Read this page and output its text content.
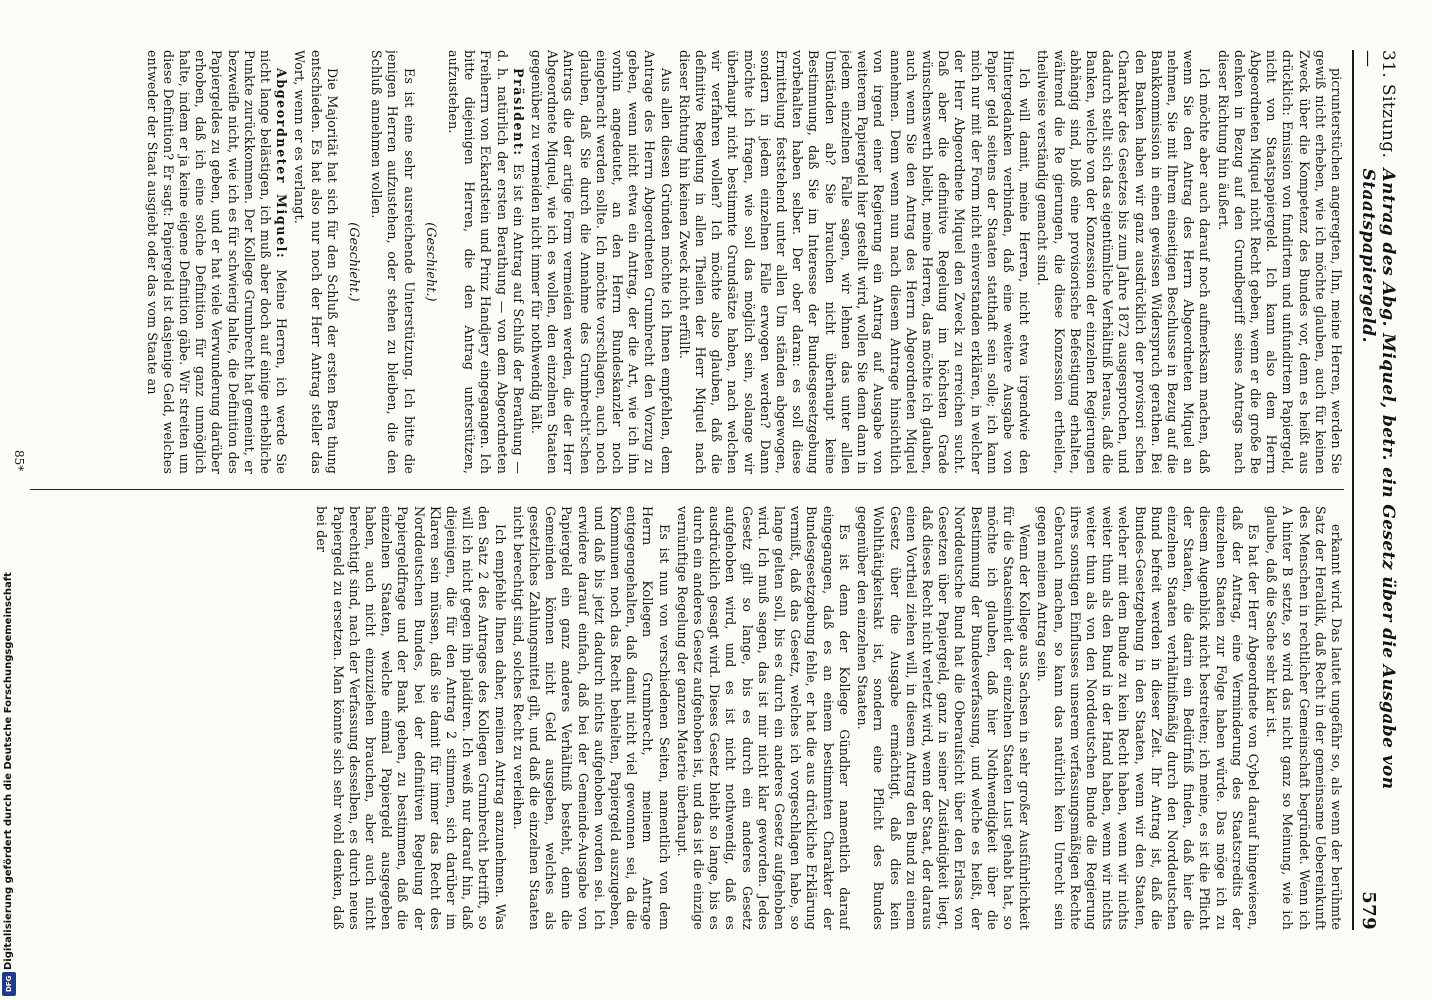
Digitalisierung gefördert durch die Deutsche Forschungsgemeinschaft
DFG
31. Sitzung. —
Antrag des Abg. Miquel, betr. ein Gesetz über die Ausgabe von Staatspapiergeld.
579

picrunterstüchen angeregten, Ihn, meine Herren, werden Sie gewiß nicht erheben, wie ich möchte glauben, auch für keinen Zweck über die Kompetenz des Bundes vor, denn es heißt aus drücklich: Emission von fundirtem und unfundirtem Papiergeld, nicht von Staatspapiergeld. Ich kann also dem Herrn Abgeordneten Miquel nicht Recht geben, wenn er die große Be denken in Bezug auf den Grundbegriff seines Antrags nach dieser Richtung hin äußert.

Ich möchte aber auch darauf noch aufmerksam machen, daß wenn Sie den Antrag des Herrn Abgeordneten Miquel an nehmen, Sie mit Ihrem einseitigen Beschlusse in Bezug auf die Bankkommission in einen gewissen Widerspruch gerathen. Bei den Banken haben wir ganz ausdrücklich der provisori schen Charakter des Gesetzes bis zum Jahre 1872 ausgesprochen, und dadurch stellt sich das eigentümliche Verhältniß heraus, daß die Banken, welche von der Konzession der einzelnen Regierungen abhängig sind, bloß eine provisorische Befestigung erhalten, während die Re gierungen, die diese Konzession ertheilen, theilweise verständig gemacht sind.

Ich will damit, meine Herren, nicht etwa irgendwie den Hintergedanken verbinden, daß eine weitere Ausgabe von Papier geld seitens der Staaten statthaft sein solle; ich kann mich nur mit der Form nicht einverstanden erklären, in welcher der Herr Abgeordnete Miquel den Zweck zu erreichen sucht. Daß aber die definitive Regelung im höchsten Grade wünschenswerth bleibt, meine Herren, das möchte ich glauben, auch wenn Sie den Antrag des Herrn Abgeordneten Miquel annehmen. Denn wenn nun nach diesem Antrage hinsichtlich von irgend einer Regierung ein Antrag auf Ausgabe von weiterem Papiergeld hier gestellt wird, wollen Sie denn dann in jedem einzelnen Falle sagen, wir lehnen das unter allen Umständen ab? Sie brauchen nicht überhaupt keine Bestimmung, daß Sie im Interesse der Bundesgesetzgebung vorbehalten haben selber. Der ober daran: es soll diese Ermittelung feststehend unter allen Um ständen abgewogen, sondern in jedem einzelnen Falle erwogen werden? Dann möchte ich fragen, wie soll das möglich sein, solange wir überhaupt nicht bestimmte Grundsätze haben, nach welchen wir verfahren wollen? Ich möchte also glauben, daß die definitive Regelung in allen Theilen der Herr Miquel nach dieser Richtung hin keinen Zweck nicht erfüllt.

Aus allen diesen Gründen möchte ich Ihnen empfehlen, dem Antrage des Herrn Abgeordneten Grumbrecht den Vorzug zu geben, wenn nicht etwa ein Antrag, der die Art, wie ich ihn vorhin angedeutet, an den Herrn Bundeskanzler noch eingebracht werden sollte. Ich möchte vorschlagen, auch noch glauben, daß Sie durch die Annahme des Grumbrecht'schen Antrags die der artige Form vermeiden werden, die der Herr Abgeordnete Miquel, wie ich es wollen, den einzelnen Staaten gegenüber zu vermeiden nicht immer für nothwendig hält.

Präsident: Es ist ein Antrag auf Schluß der Berathung — d. h. natürlich der ersten Berathung — von dem Abgeordneten Freiherrn von Eckardstein und Prinz Handjery eingegangen. Ich bitte diejenigen Herren, die den Antrag unterstützen, aufzustehen.

(Geschieht.)

Es ist eine sehr ausreichende Unterstützung. Ich bitte die jenigen Herren aufzustehen, oder stehen zu bleiben, die den Schluß annehmen wollen.

(Geschieht.)

Die Majorität hat sich für den Schluß der ersten Bera thung entschieden. Es hat also nur noch der Herr Antrag steller das Wort, wenn er es verlangt.

Abgeordneter Miquel: Meine Herren, ich werde Sie nicht lange belästigen, ich muß aber doch auf einige erhebliche Punkte zurückkommen. Der Kollege Grumbrecht hat gemeint, er bezweifle nicht, wie ich es für schwierig halte, die Definition des Papiergeldes zu geben, und er hat viele Verwunderung darüber erhoben, daß ich eine solche Definition für ganz unmöglich halte, indem er ja keine eigene Definition gäbe. Wir streiten um diese Definition? Er sagt: Papiergeld ist dasjenige Geld, welches entweder der Staat ausgiebt oder das vom Staate an

erkannt wird. Das lautet ungefähr so, als wenn der berühmte Satz der Heraldik, daß Recht in der gemeinsame Uebereinkunft des Menschen in rechtlicher Gemeinschaft begründet. Wenn ich A hinter B setzte, so wird das nicht ganz so Meinung, wie ich glaube, daß die Sache sehr klar ist.

Es hat der Herr Abgeordnete von Cybel darauf hingewiesen, daß der Antrag, eine Verminderung des Staatscredits der einzelnen Staaten zur Folge haben würde. Das möge ich zu diesem Augenblick nicht bestreiten; ich meine, es ist die Pflicht der Staaten, die darin ein Bedürfniß finden, daß hier die einzelnen Staaten verhältnißmäßig durch den Norddeutschen Bund befreit werden in dieser Zeit. Ihr Antrag ist, daß die Bundes-Gesetzgebung in den Staaten, wenn wir den Staaten, welcher mit dem Bunde zu kein Recht haben, wenn wir nichts weiter thun als den Bund in der Hand haben, wenn wir nichts weiter thun als von den Norddeutschen Bunde die Regierung ihres sonstigen Einflusses unserem verfassungsmäßigen Rechte Gebrauch machen, so kann das natürlich kein Unrecht sein gegen meinen Antrag sein.

Wenn der Kollege aus Sachsen in sehr großer Ausführlichkeit für die Staatseinheit der einzelnen Staaten Lust gehabt hat, so möchte ich glauben, daß hier Nothwendigkeit über die Bestimmung der Bundesverfassung, und welche es heißt, der Norddeutsche Bund hat die Oberaufsicht über den Erlass von Gesetzen über Papiergeld, ganz in seiner Zuständigkeit liegt, daß dieses Recht nicht verletzt wird, wenn der Staat, der daraus einen Vortheil ziehen will, in diesem Antrag den Bund zu einem Gesetz über die Ausgabe ermächtigt, daß dies kein Wohlthätigkeitsakt ist, sondern eine Pflicht des Bundes gegenüber den einzelnen Staaten.

Es ist denn der Kollege Gündher namentlich darauf eingegangen, daß es an einem bestimmten Charakter der Bundesgesetzgebung fehle, er hat die aus drückliche Erklärung vermißt, daß das Gesetz, welches ich vorgeschlagen habe, so lange gelten soll, bis es durch ein anderes Gesetz aufgehoben wird. Ich muß sagen, das ist mir nicht klar geworden. Jedes Gesetz gilt so lange, bis es durch ein anderes Gesetz aufgehoben wird, und es ist nicht nothwendig, daß es ausdrücklich gesagt wird. Dieses Gesetz bleibt so lange, bis es durch ein anderes Gesetz aufgehoben ist, und das ist die einzige vernünftige Regelung der ganzen Materie überhaupt.

Es ist nun von verschiedenen Seiten, namentlich von dem Herrn Kollegen Grumbrecht, meinem Antrage entgegengehalten, daß damit nicht viel gewonnen sei, da die Kommunen noch das Recht behielten, Papiergeld auszugeben, und daß bis jetzt dadurch nichts aufgehoben worden sei. Ich erwidere darauf einfach, daß bei der Gemeinde-Ausgabe von Papiergeld ein ganz anderes Verhältniß besteht, denn die Gemeinden können nicht Geld ausgeben, welches als gesetzliches Zahlungsmittel gilt, und daß die einzelnen Staaten nicht berechtigt sind, solches Recht zu verleihen.

Ich empfehle Ihnen daher, meinen Antrag anzunehmen. Was den Satz 2 des Antrages des Kollegen Grumbrecht betrifft, so will ich nicht gegen ihn plaidiren. Ich weiß nur darauf hin, daß diejenigen, die für den Antrag 2 stimmen, sich darüber im Klaren sein müssen, daß sie damit für immer das Recht des Norddeutschen Bundes, bei der definitiven Regelung der Papiergeldfrage und der Bank geben, zu bestimmen, daß die einzelnen Staaten, welche einmal Papiergeld ausgegeben haben, auch nicht einzuziehen brauchen, aber auch nicht berechtigt sind, nach der Verfassung desselben, es durch neues Papiergeld zu ersetzen. Man könnte sich sehr wohl denken, daß bei der

85*
